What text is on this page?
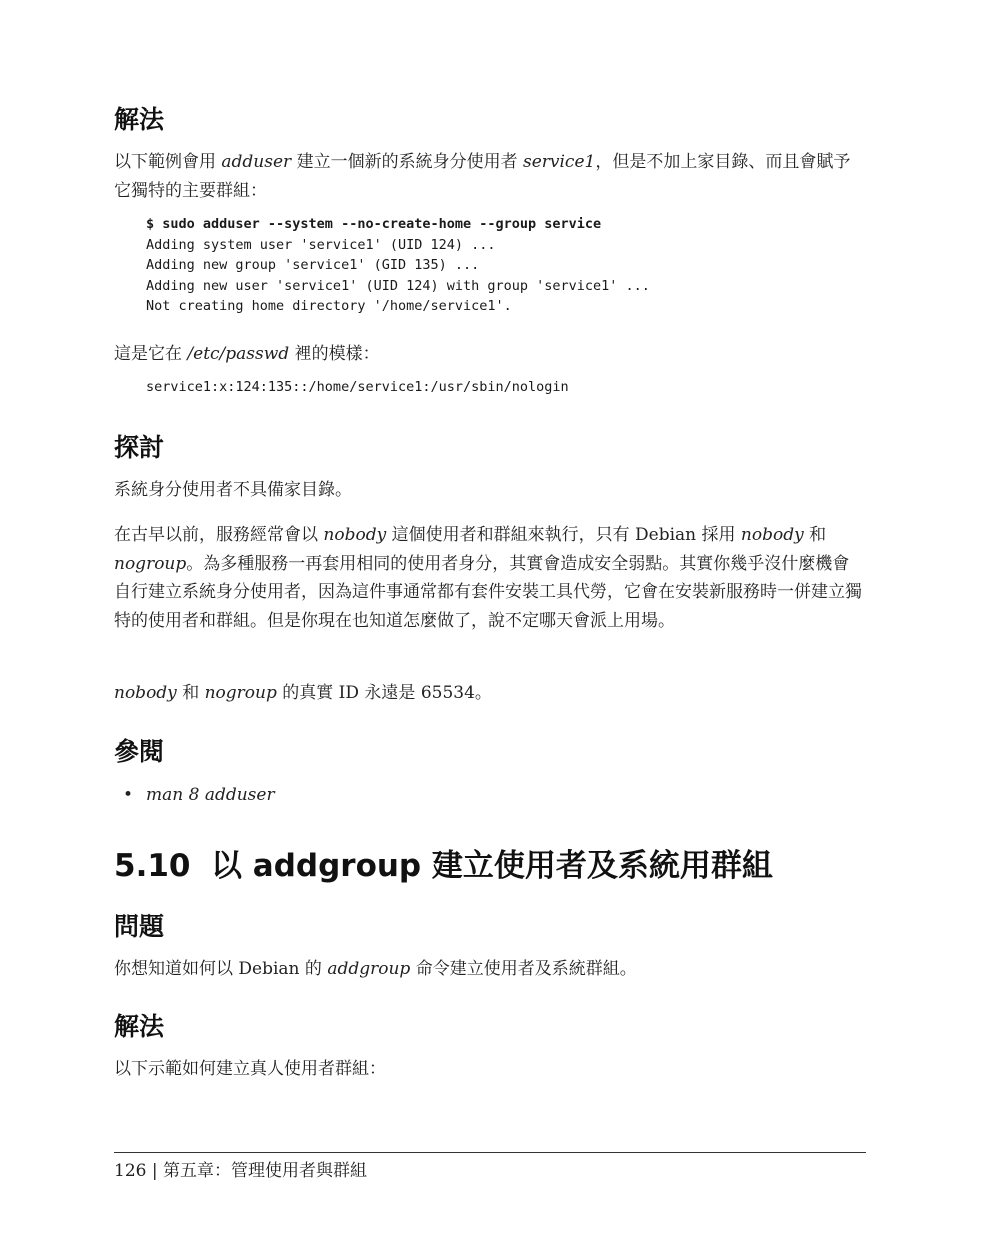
解法

以下範例會用 adduser 建立一個新的系統身分使用者 service1，但是不加上家目錄、而且會賦予它獨特的主要群組：

$ sudo adduser --system --no-create-home --group service
Adding system user 'service1' (UID 124) ...
Adding new group 'service1' (GID 135) ...
Adding new user 'service1' (UID 124) with group 'service1' ...
Not creating home directory '/home/service1'.

這是它在 /etc/passwd 裡的模樣：

service1:x:124:135::/home/service1:/usr/sbin/nologin
探討

系統身分使用者不具備家目錄。

在古早以前，服務經常會以 nobody 這個使用者和群組來執行，只有 Debian 採用 nobody 和 nogroup。為多種服務一再套用相同的使用者身分，其實會造成安全弱點。其實你幾乎沒什麼機會自行建立系統身分使用者，因為這件事通常都有套件安裝工具代勞，它會在安裝新服務時一併建立獨特的使用者和群組。但是你現在也知道怎麼做了，說不定哪天會派上用場。

nobody 和 nogroup 的真實 ID 永遠是 65534。

參閱
• man 8 adduser
5.10 以 addgroup 建立使用者及系統用群組
問題

你想知道如何以 Debian 的 addgroup 命令建立使用者及系統群組。

解法

以下示範如何建立真人使用者群組：

126 | 第五章：管理使用者與群組
